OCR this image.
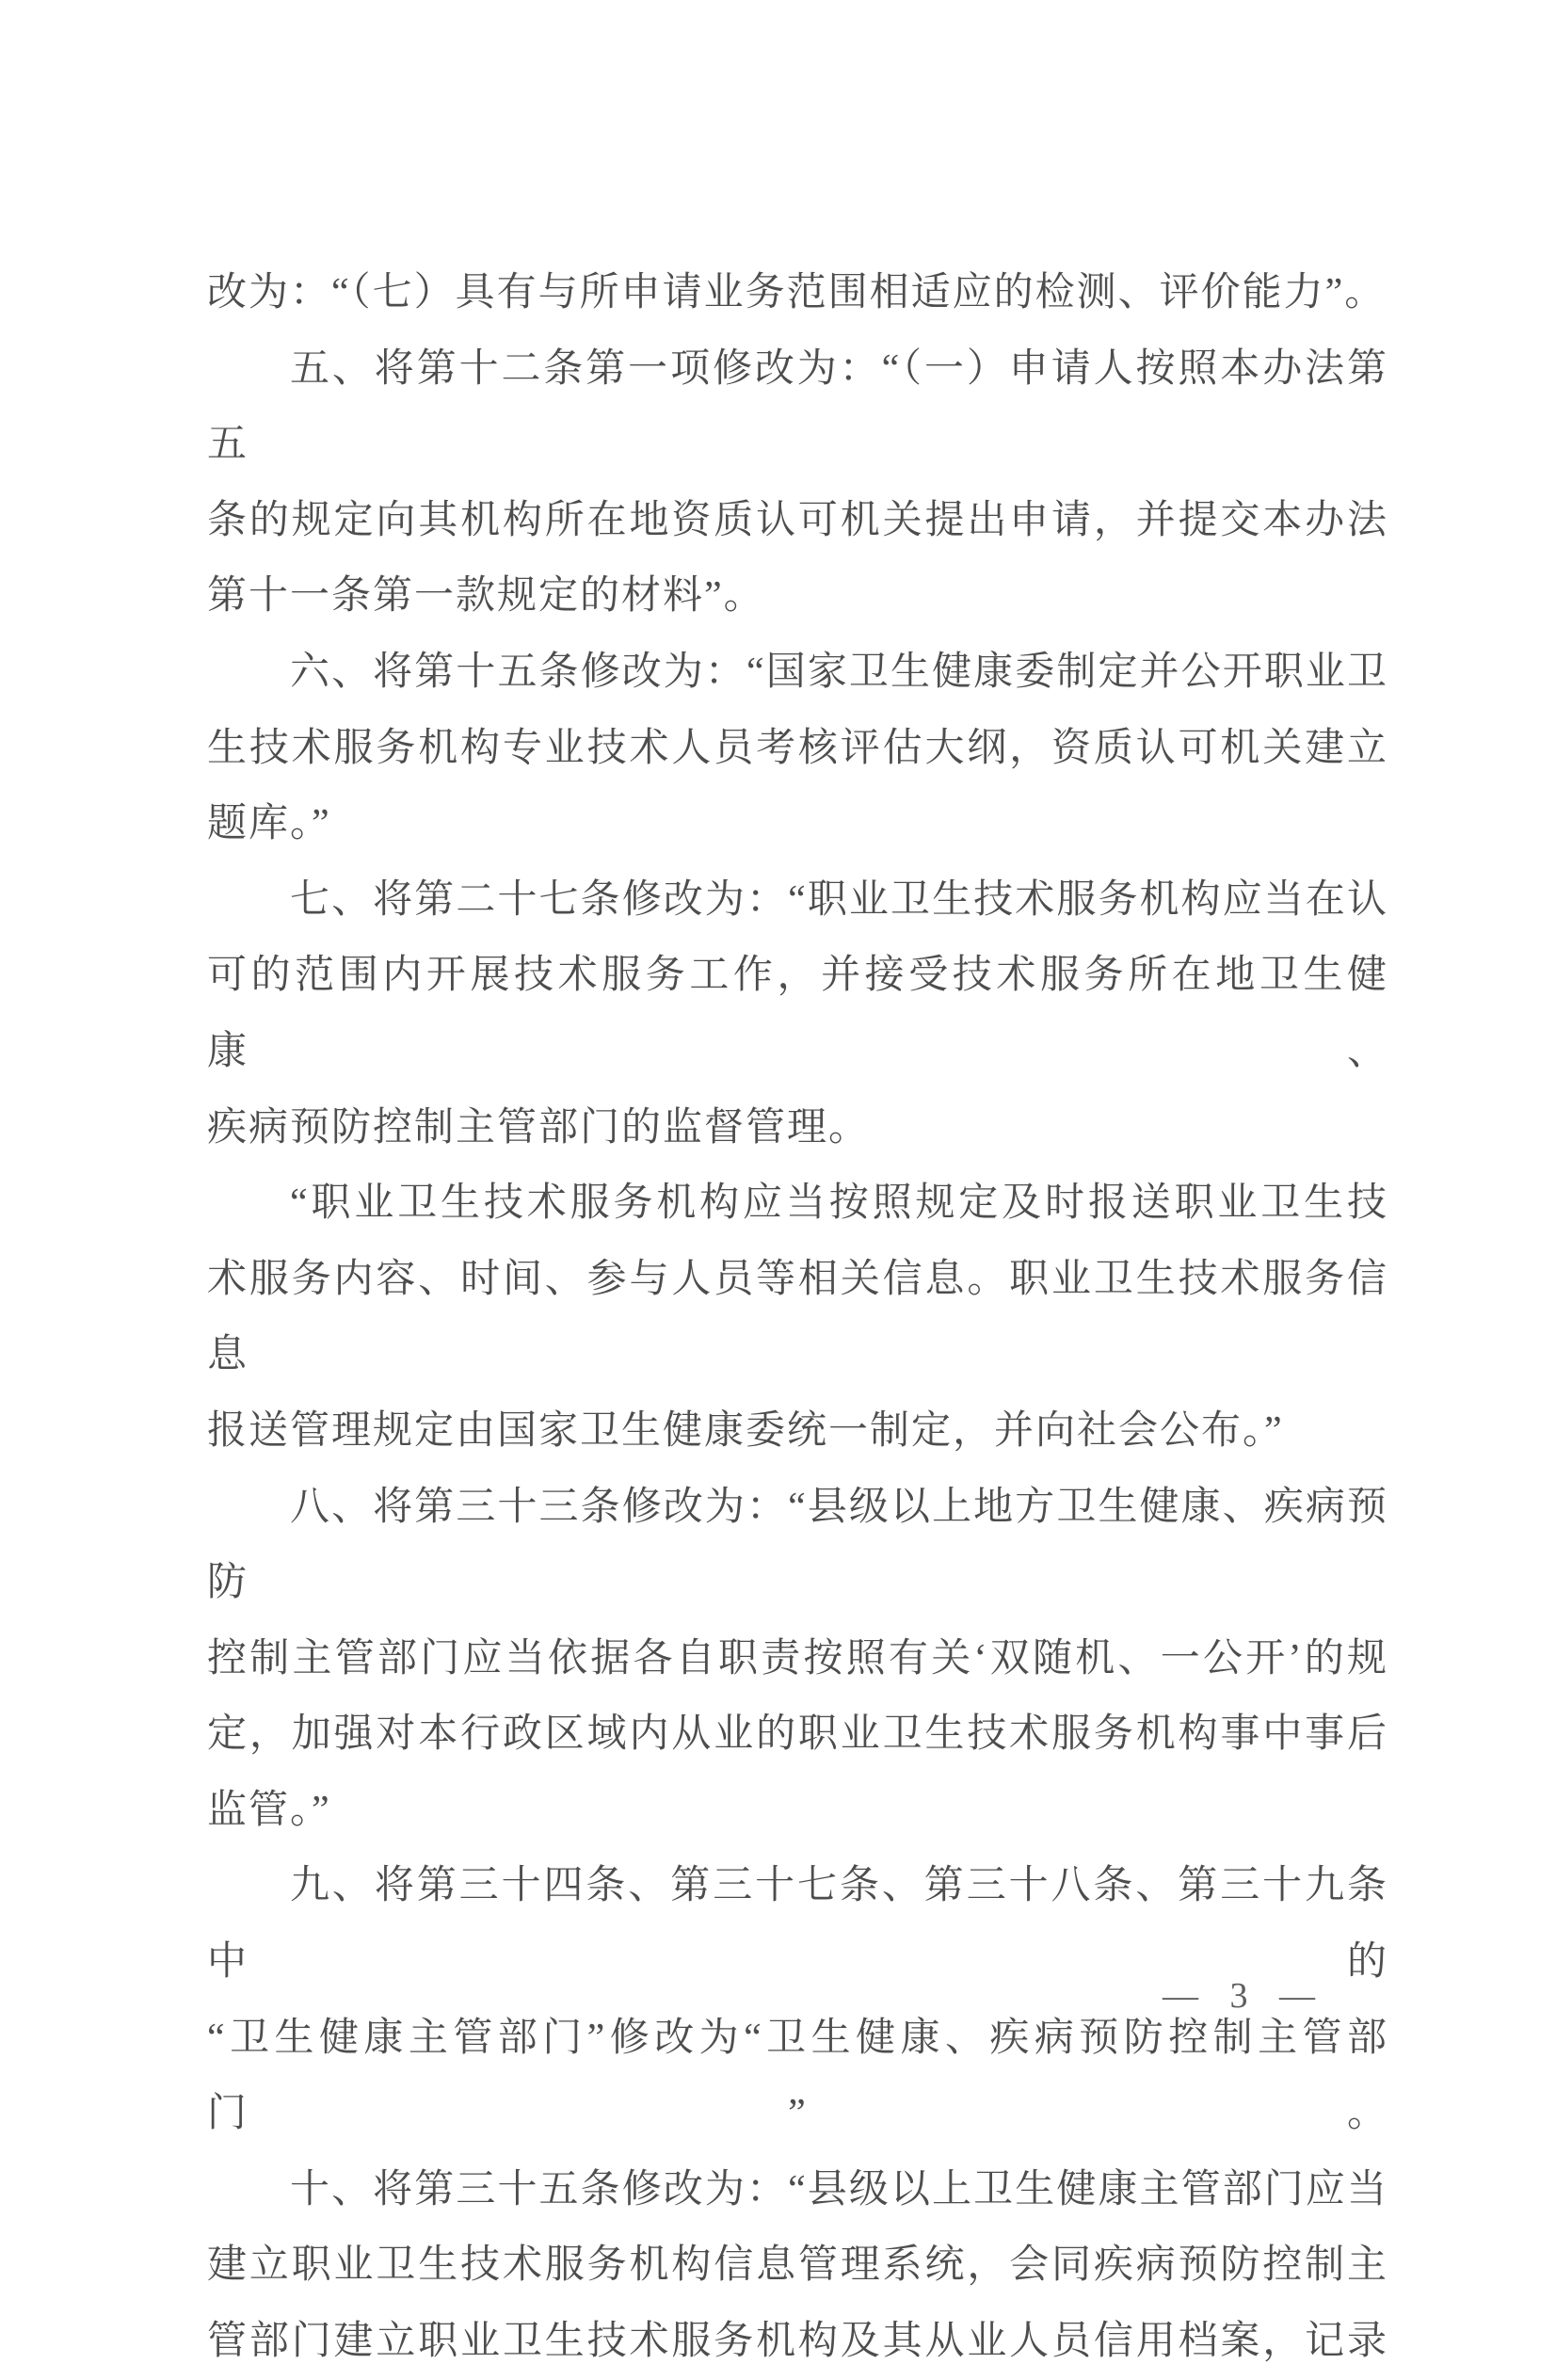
改为：“（七）具有与所申请业务范围相适应的检测、评价能力”。
五、将第十二条第一项修改为：“（一）申请人按照本办法第五
条的规定向其机构所在地资质认可机关提出申请，并提交本办法
第十一条第一款规定的材料”。
六、将第十五条修改为：“国家卫生健康委制定并公开职业卫
生技术服务机构专业技术人员考核评估大纲，资质认可机关建立
题库。”
七、将第二十七条修改为：“职业卫生技术服务机构应当在认
可的范围内开展技术服务工作，并接受技术服务所在地卫生健康、
疾病预防控制主管部门的监督管理。
“职业卫生技术服务机构应当按照规定及时报送职业卫生技
术服务内容、时间、参与人员等相关信息。职业卫生技术服务信息
报送管理规定由国家卫生健康委统一制定，并向社会公布。”
八、将第三十三条修改为：“县级以上地方卫生健康、疾病预防
控制主管部门应当依据各自职责按照有关‘双随机、一公开’的规
定，加强对本行政区域内从业的职业卫生技术服务机构事中事后
监管。”
九、将第三十四条、第三十七条、第三十八条、第三十九条中的
“卫生健康主管部门”修改为“卫生健康、疾病预防控制主管部门”。
十、将第三十五条修改为：“县级以上卫生健康主管部门应当
建立职业卫生技术服务机构信息管理系统，会同疾病预防控制主
管部门建立职业卫生技术服务机构及其从业人员信用档案，记录
— 3 —
